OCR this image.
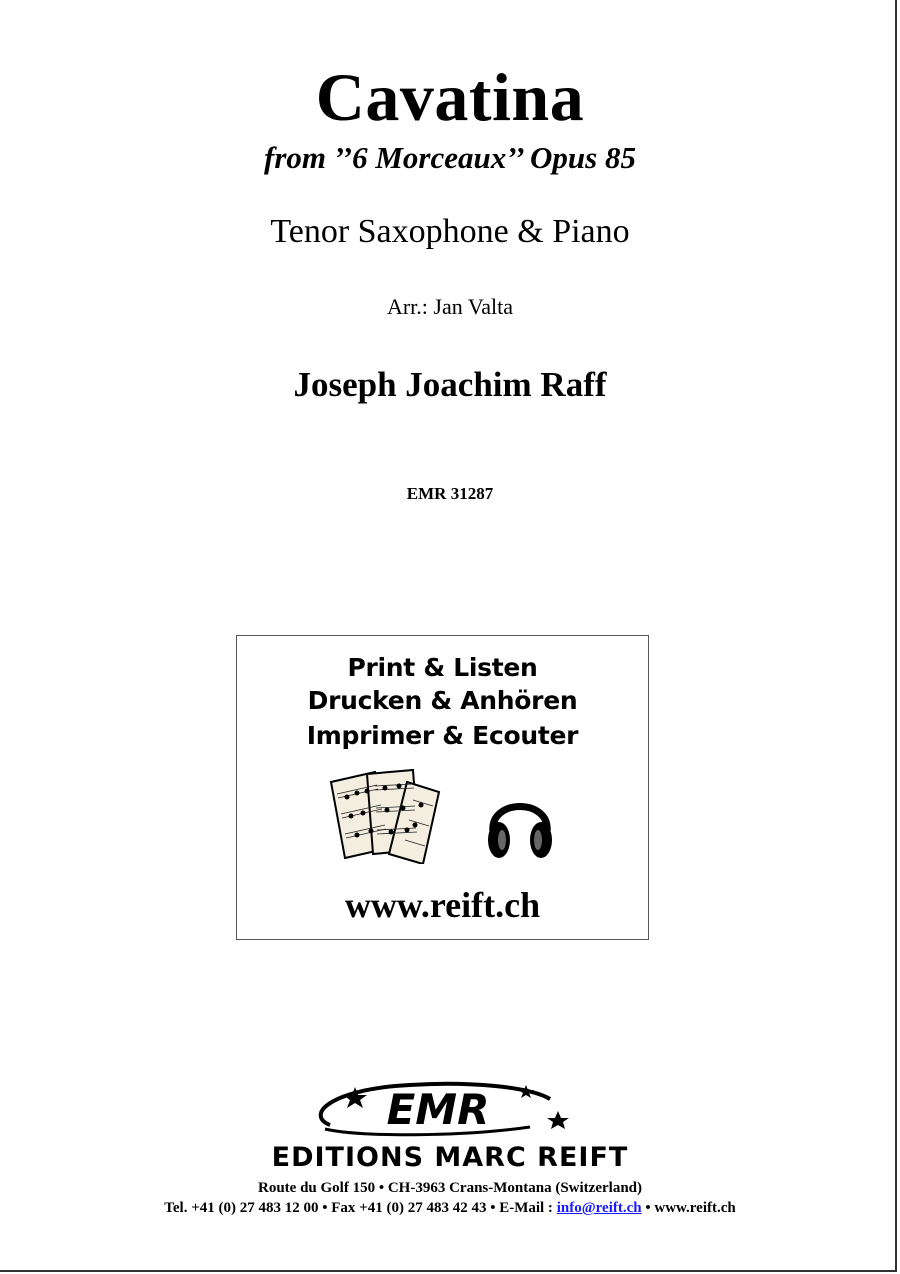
Cavatina
from ’’6 Morceaux’’ Opus 85
Tenor Saxophone & Piano
Arr.: Jan Valta
Joseph Joachim Raff
EMR 31287
Print & Listen
Drucken & Anhören
Imprimer & Ecouter
www.reift.ch
EMR
EDITIONS MARC REIFT
Route du Golf 150 • CH-3963 Crans-Montana (Switzerland)
Tel. +41 (0) 27 483 12 00 • Fax +41 (0) 27 483 42 43 • E-Mail : info@reift.ch • www.reift.ch
